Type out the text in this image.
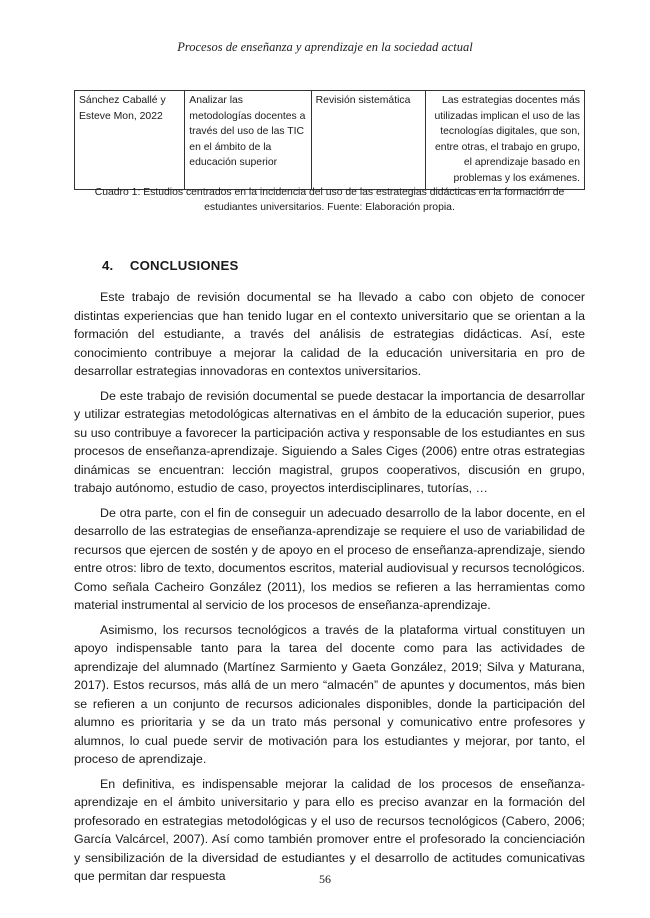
Procesos de enseñanza y aprendizaje en la sociedad actual
Sánchez Caballé y Esteve Mon, 2022	Analizar las metodologías docentes a través del uso de las TIC en el ámbito de la educación superior	Revisión sistemática	Las estrategias docentes más utilizadas implican el uso de las tecnologías digitales, que son, entre otras, el trabajo en grupo, el aprendizaje basado en problemas y los exámenes.
Cuadro 1: Estudios centrados en la incidencia del uso de las estrategias didácticas en la formación de estudiantes universitarios. Fuente: Elaboración propia.
4. CONCLUSIONES

Este trabajo de revisión documental se ha llevado a cabo con objeto de conocer distintas experiencias que han tenido lugar en el contexto universitario que se orientan a la formación del estudiante, a través del análisis de estrategias didácticas. Así, este conocimiento contribuye a mejorar la calidad de la educación universitaria en pro de desarrollar estrategias innovadoras en contextos universitarios.

De este trabajo de revisión documental se puede destacar la importancia de desarrollar y utilizar estrategias metodológicas alternativas en el ámbito de la educación superior, pues su uso contribuye a favorecer la participación activa y responsable de los estudiantes en sus procesos de enseñanza-aprendizaje. Siguiendo a Sales Ciges (2006) entre otras estrategias dinámicas se encuentran: lección magistral, grupos cooperativos, discusión en grupo, trabajo autónomo, estudio de caso, proyectos interdisciplinares, tutorías, …

De otra parte, con el fin de conseguir un adecuado desarrollo de la labor docente, en el desarrollo de las estrategias de enseñanza-aprendizaje se requiere el uso de variabilidad de recursos que ejercen de sostén y de apoyo en el proceso de enseñanza-aprendizaje, siendo entre otros: libro de texto, documentos escritos, material audiovisual y recursos tecnológicos. Como señala Cacheiro González (2011), los medios se refieren a las herramientas como material instrumental al servicio de los procesos de enseñanza-aprendizaje.

Asimismo, los recursos tecnológicos a través de la plataforma virtual constituyen un apoyo indispensable tanto para la tarea del docente como para las actividades de aprendizaje del alumnado (Martínez Sarmiento y Gaeta González, 2019; Silva y Maturana, 2017). Estos recursos, más allá de un mero “almacén” de apuntes y documentos, más bien se refieren a un conjunto de recursos adicionales disponibles, donde la participación del alumno es prioritaria y se da un trato más personal y comunicativo entre profesores y alumnos, lo cual puede servir de motivación para los estudiantes y mejorar, por tanto, el proceso de aprendizaje.

En definitiva, es indispensable mejorar la calidad de los procesos de enseñanza-aprendizaje en el ámbito universitario y para ello es preciso avanzar en la formación del profesorado en estrategias metodológicas y el uso de recursos tecnológicos (Cabero, 2006; García Valcárcel, 2007). Así como también promover entre el profesorado la concienciación y sensibilización de la diversidad de estudiantes y el desarrollo de actitudes comunicativas que permitan dar respuesta	56
